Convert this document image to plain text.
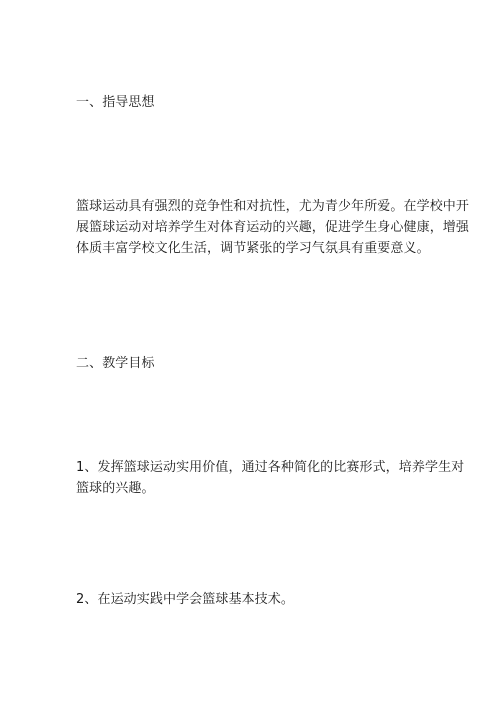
一、指导思想
篮球运动具有强烈的竞争性和对抗性，尤为青少年所爱。在学校中开
展篮球运动对培养学生对体育运动的兴趣，促进学生身心健康，增强
体质丰富学校文化生活，调节紧张的学习气氛具有重要意义。
二、教学目标
1、发挥篮球运动实用价值，通过各种简化的比赛形式，培养学生对
篮球的兴趣。
2、在运动实践中学会篮球基本技术。
